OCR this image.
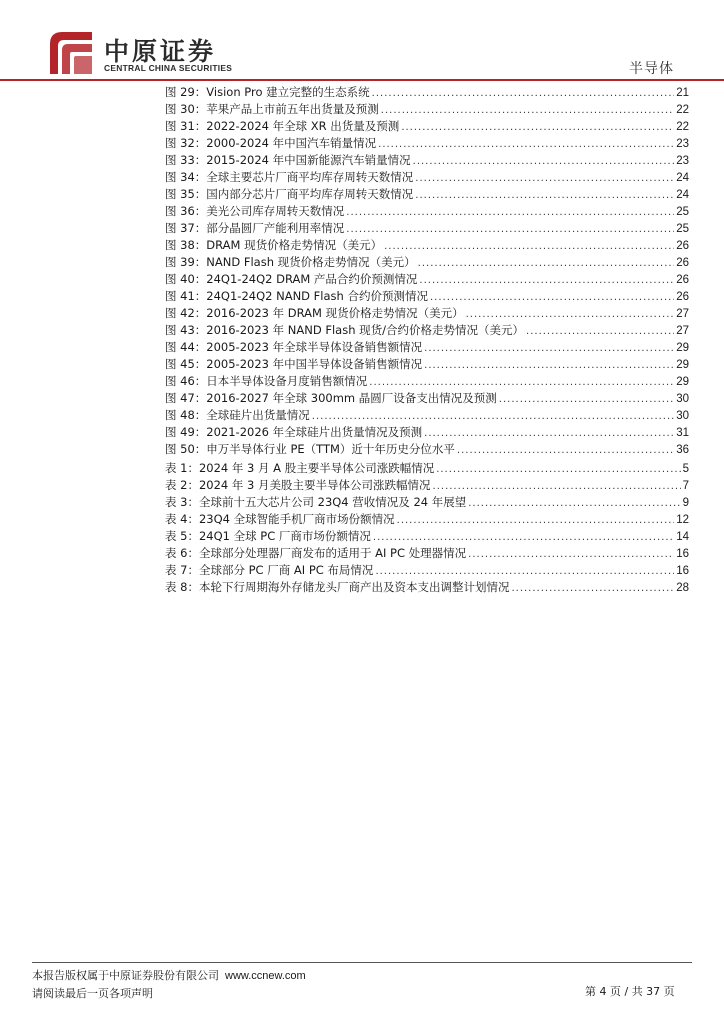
中原证券
CENTRAL CHINA SECURITIES	半导体
图 29：Vision Pro 建立完整的生态系统 .....	21
图 30：苹果产品上市前五年出货量及预测 .....	22
图 31：2022-2024 年全球 XR 出货量及预测 .....	22
图 32：2000-2024 年中国汽车销量情况 .....	23
图 33：2015-2024 年中国新能源汽车销量情况 .....	23
图 34：全球主要芯片厂商平均库存周转天数情况 .....	24
图 35：国内部分芯片厂商平均库存周转天数情况 .....	24
图 36：美光公司库存周转天数情况 .....	25
图 37：部分晶圆厂产能利用率情况 .....	25
图 38：DRAM 现货价格走势情况（美元） .....	26
图 39：NAND Flash 现货价格走势情况（美元） .....	26
图 40：24Q1-24Q2 DRAM 产品合约价预测情况 .....	26
图 41：24Q1-24Q2 NAND Flash 合约价预测情况 .....	26
图 42：2016-2023 年 DRAM 现货价格走势情况（美元） .....	27
图 43：2016-2023 年 NAND Flash 现货/合约价格走势情况（美元） .....	27
图 44：2005-2023 年全球半导体设备销售额情况 .....	29
图 45：2005-2023 年中国半导体设备销售额情况 .....	29
图 46：日本半导体设备月度销售额情况 .....	29
图 47：2016-2027 年全球 300mm 晶圆厂设备支出情况及预测 .....	30
图 48：全球硅片出货量情况 .....	30
图 49：2021-2026 年全球硅片出货量情况及预测 .....	31
图 50：申万半导体行业 PE（TTM）近十年历史分位水平 .....	36
表 1：2024 年 3 月 A 股主要半导体公司涨跌幅情况 .....	5
表 2：2024 年 3 月美股主要半导体公司涨跌幅情况 .....	7
表 3：全球前十五大芯片公司 23Q4 营收情况及 24 年展望 .....	9
表 4：23Q4 全球智能手机厂商市场份额情况 .....	12
表 5：24Q1 全球 PC 厂商市场份额情况 .....	14
表 6：全球部分处理器厂商发布的适用于 AI PC 处理器情况 .....	16
表 7：全球部分 PC 厂商 AI PC 布局情况 .....	16
表 8：本轮下行周期海外存储龙头厂商产出及资本支出调整计划情况 .....	28
本报告版权属于中原证券股份有限公司 www.ccnew.com
请阅读最后一页各项声明	第 4 页 / 共 37 页
